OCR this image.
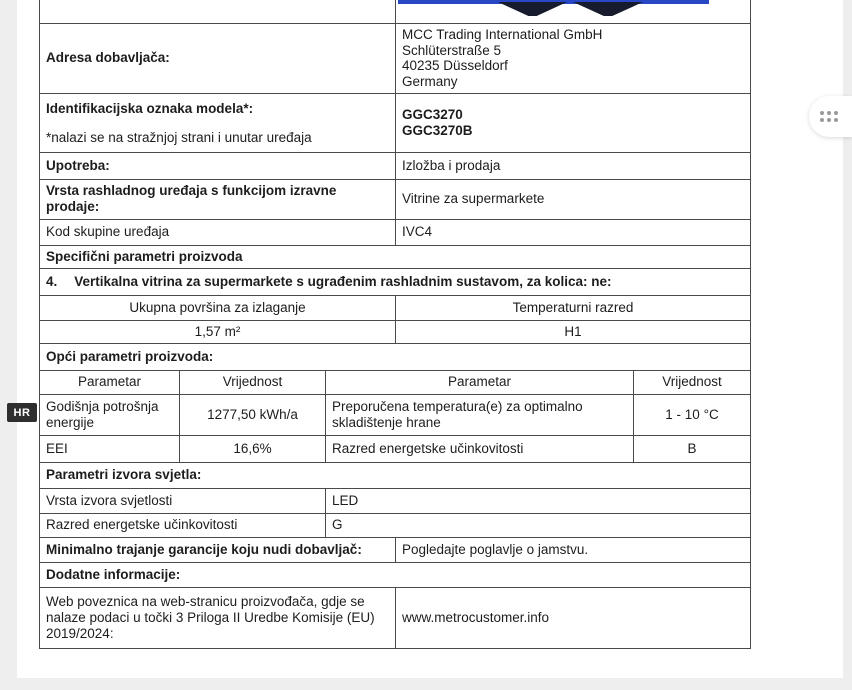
Adresa dobavljača:			MCC Trading International GmbH
Schlüterstraße 5
40235 Düsseldorf
Germany	

Identifikacijska oznaka modela*:
*nalazi se na stražnjoj strani i unutar uređaja

GGC3270
GGC3270B

Upotreba:			Izložba i prodaja	
Vrsta rashladnog uređaja s funkcijom izravne prodaje:			Vitrine za supermarkete	
Kod skupine uređaja			IVC4	
Specifični parametri proizvoda				
4. Vertikalna vitrina za supermarkete s ugrađenim rashladnim sustavom, za kolica: ne:				
Ukupna površina za izlaganje			Temperaturni razred	
1,57 m²			H1	
Opći parametri proizvoda:				
Parametar	Vrijednost	Parametar		Vrijednost
Godišnja potrošnja energije	1277,50 kWh/a	Preporučena temperatura(e) za optimalno skladištenje hrane		1 - 10 °C
EEI	16,6%	Razred energetske učinkovitosti		B
Parametri izvora svjetla:				
Vrsta izvora svjetlosti		LED		
Razred energetske učinkovitosti		G		
Minimalno trajanje garancije koju nudi dobavljač:			Pogledajte poglavlje o jamstvu.	
Dodatne informacije:				
Web poveznica na web-stranicu proizvođača, gdje se nalaze podaci u točki 3 Priloga II Uredbe Komisije (EU) 2019/2024:			www.metrocustomer.info	
HR
